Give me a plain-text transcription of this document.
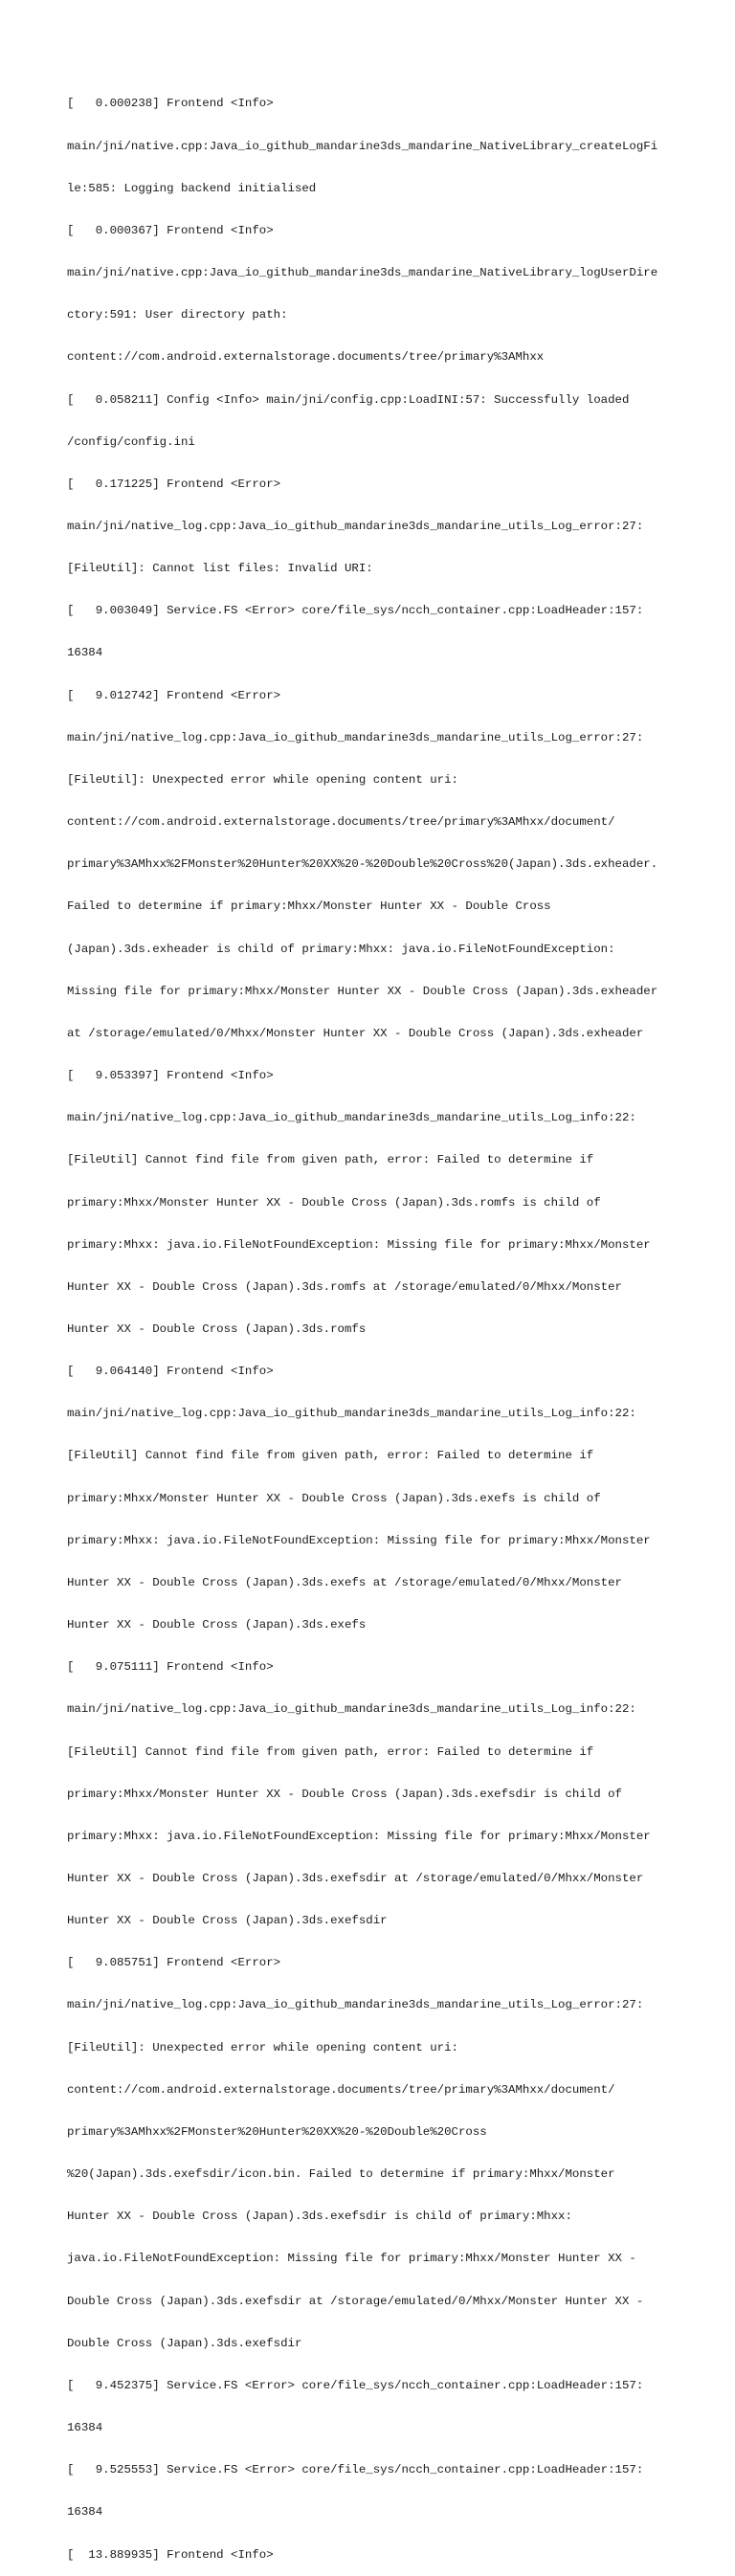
[   0.000238] Frontend <Info>

main/jni/native.cpp:Java_io_github_mandarine3ds_mandarine_NativeLibrary_createLogFi

le:585: Logging backend initialised

[   0.000367] Frontend <Info>

main/jni/native.cpp:Java_io_github_mandarine3ds_mandarine_NativeLibrary_logUserDire

ctory:591: User directory path:

content://com.android.externalstorage.documents/tree/primary%3AMhxx

[   0.058211] Config <Info> main/jni/config.cpp:LoadINI:57: Successfully loaded

/config/config.ini

[   0.171225] Frontend <Error>

main/jni/native_log.cpp:Java_io_github_mandarine3ds_mandarine_utils_Log_error:27:

[FileUtil]: Cannot list files: Invalid URI:

[   9.003049] Service.FS <Error> core/file_sys/ncch_container.cpp:LoadHeader:157:

16384

[   9.012742] Frontend <Error>

main/jni/native_log.cpp:Java_io_github_mandarine3ds_mandarine_utils_Log_error:27:

[FileUtil]: Unexpected error while opening content uri:

content://com.android.externalstorage.documents/tree/primary%3AMhxx/document/

primary%3AMhxx%2FMonster%20Hunter%20XX%20-%20Double%20Cross%20(Japan).3ds.exheader.

Failed to determine if primary:Mhxx/Monster Hunter XX - Double Cross

(Japan).3ds.exheader is child of primary:Mhxx: java.io.FileNotFoundException:

Missing file for primary:Mhxx/Monster Hunter XX - Double Cross (Japan).3ds.exheader

at /storage/emulated/0/Mhxx/Monster Hunter XX - Double Cross (Japan).3ds.exheader

[   9.053397] Frontend <Info>

main/jni/native_log.cpp:Java_io_github_mandarine3ds_mandarine_utils_Log_info:22:

[FileUtil] Cannot find file from given path, error: Failed to determine if

primary:Mhxx/Monster Hunter XX - Double Cross (Japan).3ds.romfs is child of

primary:Mhxx: java.io.FileNotFoundException: Missing file for primary:Mhxx/Monster

Hunter XX - Double Cross (Japan).3ds.romfs at /storage/emulated/0/Mhxx/Monster

Hunter XX - Double Cross (Japan).3ds.romfs

[   9.064140] Frontend <Info>

main/jni/native_log.cpp:Java_io_github_mandarine3ds_mandarine_utils_Log_info:22:

[FileUtil] Cannot find file from given path, error: Failed to determine if

primary:Mhxx/Monster Hunter XX - Double Cross (Japan).3ds.exefs is child of

primary:Mhxx: java.io.FileNotFoundException: Missing file for primary:Mhxx/Monster

Hunter XX - Double Cross (Japan).3ds.exefs at /storage/emulated/0/Mhxx/Monster

Hunter XX - Double Cross (Japan).3ds.exefs

[   9.075111] Frontend <Info>

main/jni/native_log.cpp:Java_io_github_mandarine3ds_mandarine_utils_Log_info:22:

[FileUtil] Cannot find file from given path, error: Failed to determine if

primary:Mhxx/Monster Hunter XX - Double Cross (Japan).3ds.exefsdir is child of

primary:Mhxx: java.io.FileNotFoundException: Missing file for primary:Mhxx/Monster

Hunter XX - Double Cross (Japan).3ds.exefsdir at /storage/emulated/0/Mhxx/Monster

Hunter XX - Double Cross (Japan).3ds.exefsdir

[   9.085751] Frontend <Error>

main/jni/native_log.cpp:Java_io_github_mandarine3ds_mandarine_utils_Log_error:27:

[FileUtil]: Unexpected error while opening content uri:

content://com.android.externalstorage.documents/tree/primary%3AMhxx/document/

primary%3AMhxx%2FMonster%20Hunter%20XX%20-%20Double%20Cross

%20(Japan).3ds.exefsdir/icon.bin. Failed to determine if primary:Mhxx/Monster

Hunter XX - Double Cross (Japan).3ds.exefsdir is child of primary:Mhxx:

java.io.FileNotFoundException: Missing file for primary:Mhxx/Monster Hunter XX -

Double Cross (Japan).3ds.exefsdir at /storage/emulated/0/Mhxx/Monster Hunter XX -

Double Cross (Japan).3ds.exefsdir

[   9.452375] Service.FS <Error> core/file_sys/ncch_container.cpp:LoadHeader:157:

16384

[   9.525553] Service.FS <Error> core/file_sys/ncch_container.cpp:LoadHeader:157:

16384

[  13.889935] Frontend <Info>
